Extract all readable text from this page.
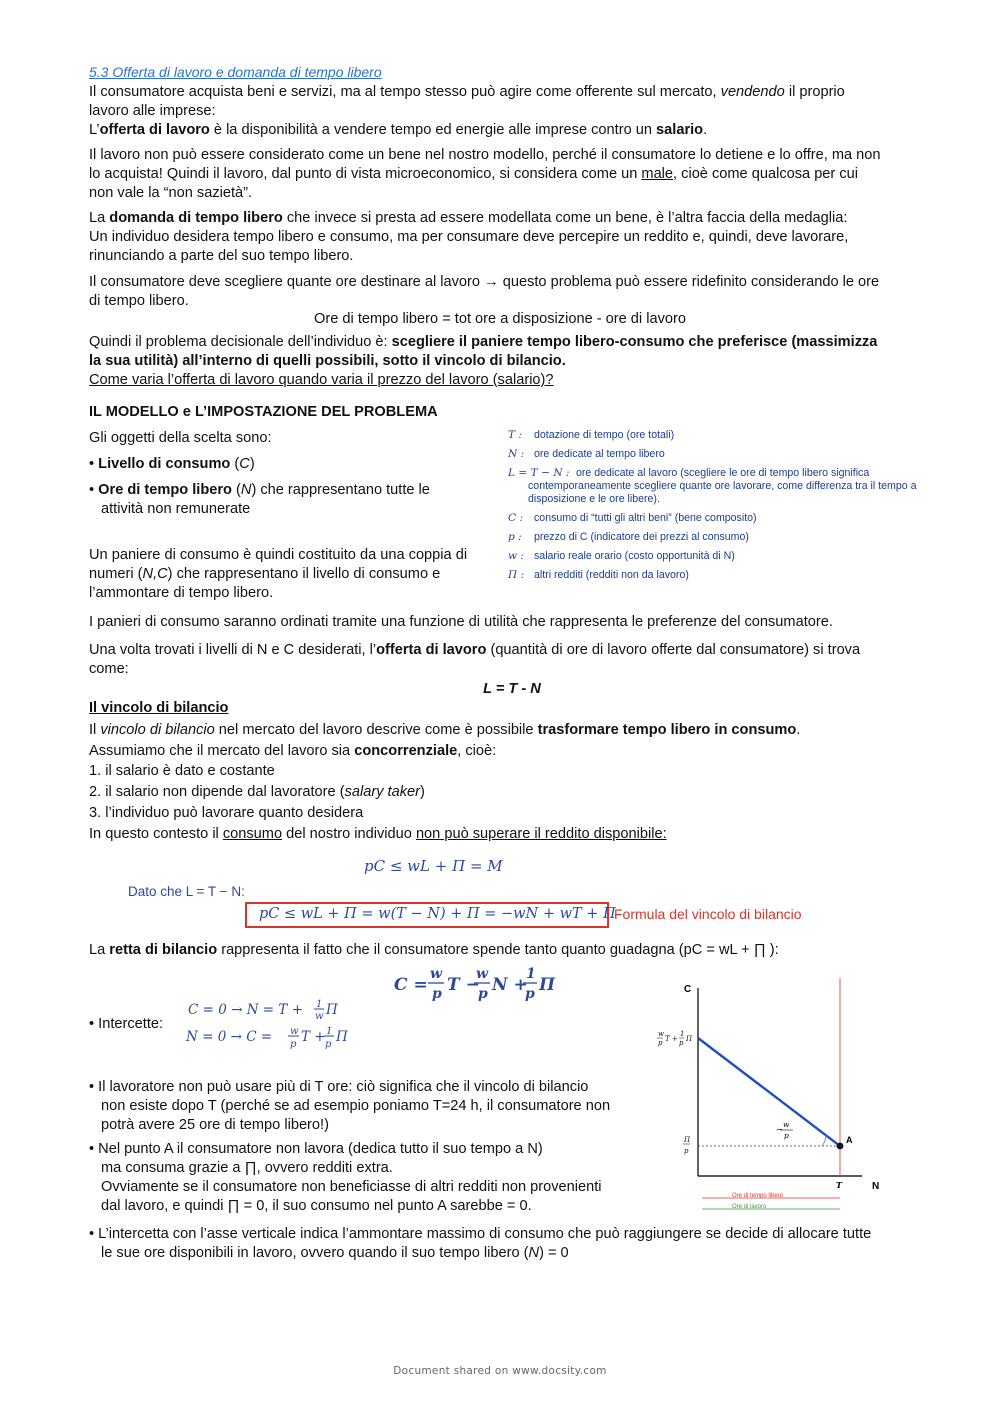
5.3 Offerta di lavoro e domanda di tempo libero
Il consumatore acquista beni e servizi, ma al tempo stesso può agire come offerente sul mercato, vendendo il proprio
lavoro alle imprese:
L’offerta di lavoro è la disponibilità a vendere tempo ed energie alle imprese contro un salario.
Il lavoro non può essere considerato come un bene nel nostro modello, perché il consumatore lo detiene e lo offre, ma non
lo acquista! Quindi il lavoro, dal punto di vista microeconomico, si considera come un male, cioè come qualcosa per cui
non vale la “non sazietà”.
La domanda di tempo libero che invece si presta ad essere modellata come un bene, è l’altra faccia della medaglia:
Un individuo desidera tempo libero e consumo, ma per consumare deve percepire un reddito e, quindi, deve lavorare,
rinunciando a parte del suo tempo libero.
Il consumatore deve scegliere quante ore destinare al lavoro → questo problema può essere ridefinito considerando le ore
di tempo libero.
Ore di tempo libero = tot ore a disposizione - ore di lavoro
Quindi il problema decisionale dell’individuo è: scegliere il paniere tempo libero-consumo che preferisce (massimizza
la sua utilità) all’interno di quelli possibili, sotto il vincolo di bilancio.
Come varia l’offerta di lavoro quando varia il prezzo del lavoro (salario)?
IL MODELLO e L’IMPOSTAZIONE DEL PROBLEMA
Gli oggetti della scelta sono:
• Livello di consumo (C)
• Ore di tempo libero (N) che rappresentano tutte le
attività non remunerate
Un paniere di consumo è quindi costituito da una coppia di
numeri (N,C) che rappresentano il livello di consumo e
l’ammontare di tempo libero.
T : dotazione di tempo (ore totali)
N : ore dedicate al tempo libero
L = T − N : ore dedicate al lavoro (scegliere le ore di tempo libero significa
contemporaneamente scegliere quante ore lavorare, come differenza tra il tempo a
disposizione e le ore libere).
C : consumo di “tutti gli altri beni” (bene composito)
p : prezzo di C (indicatore dei prezzi al consumo)
w : salario reale orario (costo opportunità di N)
Π : altri redditi (redditi non da lavoro)
I panieri di consumo saranno ordinati tramite una funzione di utilità che rappresenta le preferenze del consumatore.
Una volta trovati i livelli di N e C desiderati, l’offerta di lavoro (quantità di ore di lavoro offerte dal consumatore) si trova
come:
L = T - N
Il vincolo di bilancio
Il vincolo di bilancio nel mercato del lavoro descrive come è possibile trasformare tempo libero in consumo.
Assumiamo che il mercato del lavoro sia concorrenziale, cioè:
1. il salario è dato e costante
2. il salario non dipende dal lavoratore (salary taker)
3. l’individuo può lavorare quanto desidera
In questo contesto il consumo del nostro individuo non può superare il reddito disponibile:
pC ≤ wL + Π = M
Dato che L = T − N:
pC ≤ wL + Π = w(T − N) + Π = −wN + wT + Π
Formula del vincolo di bilancio
La retta di bilancio rappresenta il fatto che il consumatore spende tanto quanto guadagna (pC = wL + ∏ ):
C =
w
p T −
w
p N +
1
p Π
• Intercette:
C = 0 → N = T + 1
w Π
N = 0 → C = w
p T + 1
p Π
• Il lavoratore non può usare più di T ore: ciò significa che il vincolo di bilancio
non esiste dopo T (perché se ad esempio poniamo T=24 h, il consumatore non
potrà avere 25 ore di tempo libero!)
• Nel punto A il consumatore non lavora (dedica tutto il suo tempo a N)
ma consuma grazie a ∏, ovvero redditi extra.
Ovviamente se il consumatore non beneficiasse di altri redditi non provenienti
dal lavoro, e quindi ∏ = 0, il suo consumo nel punto A sarebbe = 0.
• L’intercetta con l’asse verticale indica l’ammontare massimo di consumo che può raggiungere se decide di allocare tutte
le sue ore disponibili in lavoro, ovvero quando il suo tempo libero (N) = 0
C
N
A
w
p
−
w
p T +
1
p Π
Π
p
T
Ore di tempo libero
Ore di lavoro
Document shared on www.docsity.com
